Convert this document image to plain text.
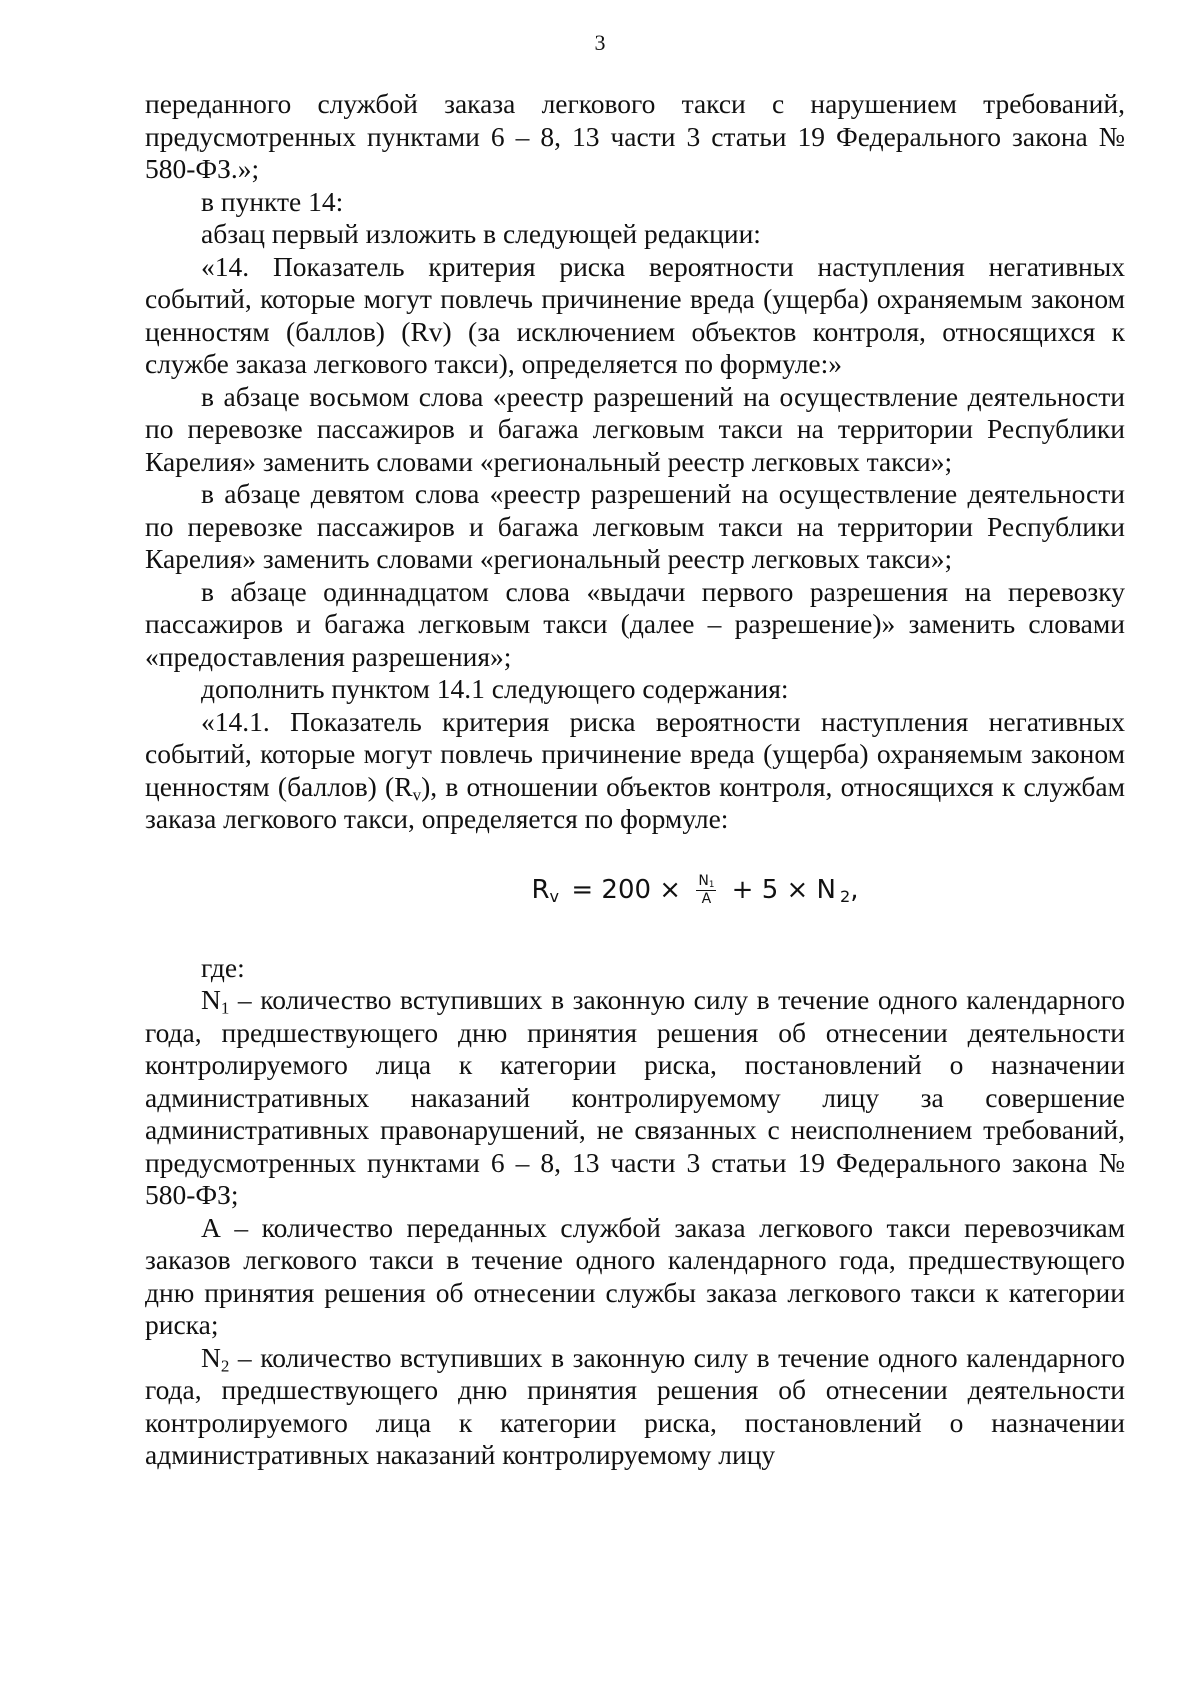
3

переданного службой заказа легкового такси с нарушением требований, предусмотренных пунктами 6 – 8, 13 части 3 статьи 19 Федерального закона № 580-ФЗ.»;

в пункте 14:

абзац первый изложить в следующей редакции:

«14. Показатель критерия риска вероятности наступления негативных событий, которые могут повлечь причинение вреда (ущерба) охраняемым законом ценностям (баллов) (Rv) (за исключением объектов контроля, относящихся к службе заказа легкового такси), определяется по формуле:»

в абзаце восьмом слова «реестр разрешений на осуществление деятельности по перевозке пассажиров и багажа легковым такси на территории Республики Карелия» заменить словами «региональный реестр легковых такси»;

в абзаце девятом слова «реестр разрешений на осуществление деятельности по перевозке пассажиров и багажа легковым такси на территории Республики Карелия» заменить словами «региональный реестр легковых такси»;

в абзаце одиннадцатом слова «выдачи первого разрешения на перевозку пассажиров и багажа легковым такси (далее – разрешение)» заменить словами «предоставления разрешения»;

дополнить пунктом 14.1 следующего содержания:

«14.1. Показатель критерия риска вероятности наступления негативных событий, которые могут повлечь причинение вреда (ущерба) охраняемым законом ценностям (баллов) $(R_v)$, в отношении объектов контроля, относящихся к службам заказа легкового такси, определяется по формуле:

$R_v = 200 \times \frac{N_1}{A} + 5 \times N$ $_2$,

где:

$N_1$ – количество вступивших в законную силу в течение одного календарного года, предшествующего дню принятия решения об отнесении деятельности контролируемого лица к категории риска, постановлений о назначении административных наказаний контролируемому лицу за совершение административных правонарушений, не связанных с неисполнением требований, предусмотренных пунктами 6 – 8, 13 части 3 статьи 19 Федерального закона № 580-ФЗ;

А – количество переданных службой заказа легкового такси перевозчикам заказов легкового такси в течение одного календарного года, предшествующего дню принятия решения об отнесении службы заказа легкового такси к категории риска;

$N_2$ – количество вступивших в законную силу в течение одного календарного года, предшествующего дню принятия решения об отнесении деятельности контролируемого лица к категории риска, постановлений о назначении административных наказаний контролируемому лицу
